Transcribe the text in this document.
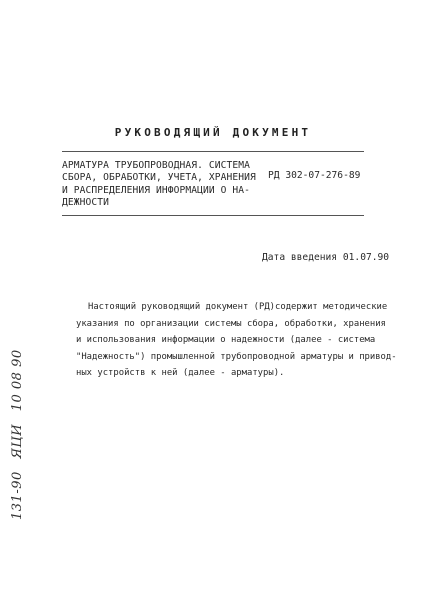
РУКОВОДЯЩИЙ ДОКУМЕНТ
АРМАТУРА ТРУБОПРОВОДНАЯ. СИСТЕМА
СБОРА, ОБРАБОТКИ, УЧЕТА, ХРАНЕНИЯ
И РАСПРЕДЕЛЕНИЯ ИНФОРМАЦИИ О НА-
ДЕЖНОСТИ
РД 302-07-276-89
Дата введения 01.07.90
Настоящий руководящий документ (РД)содержит методические
указания по организации системы сбора, обработки, хранения
и использования информации о надежности (далее - система
"Надежность") промышленной трубопроводной арматуры и привод-
ных устройств к ней (далее - арматуры).
131-90 ЯЦИ 10 08 90
